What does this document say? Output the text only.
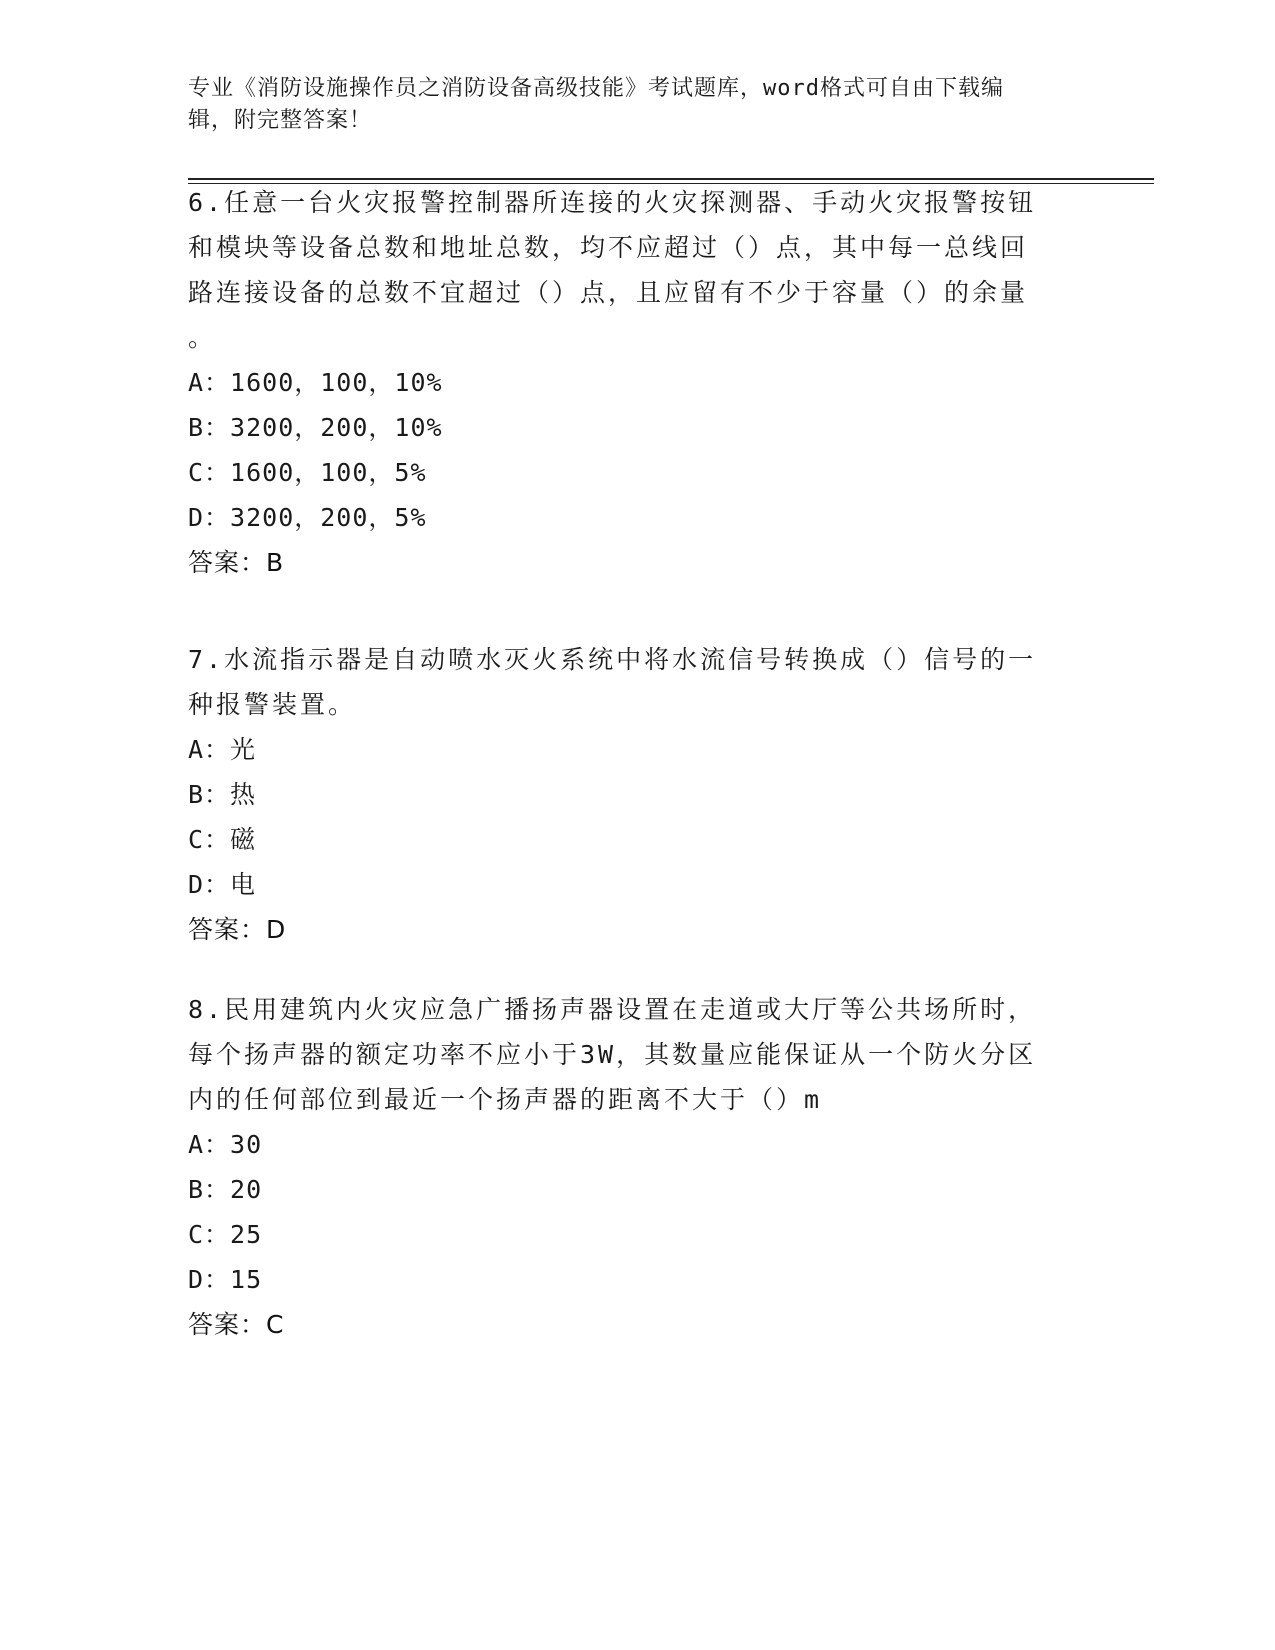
专业《消防设施操作员之消防设备高级技能》考试题库，word格式可自由下载编
辑，附完整答案！
6.任意一台火灾报警控制器所连接的火灾探测器、手动火灾报警按钮
和模块等设备总数和地址总数，均不应超过（）点，其中每一总线回
路连接设备的总数不宜超过（）点，且应留有不少于容量（）的余量
。
A：1600，100，10%
B：3200，200，10%
C：1600，100，5%
D：3200，200，5%
答案：B
7.水流指示器是自动喷水灭火系统中将水流信号转换成（）信号的一
种报警装置。
A：光
B：热
C：磁
D：电
答案：D
8.民用建筑内火灾应急广播扬声器设置在走道或大厅等公共场所时，
每个扬声器的额定功率不应小于3W，其数量应能保证从一个防火分区
内的任何部位到最近一个扬声器的距离不大于（）m
A：30
B：20
C：25
D：15
答案：C
